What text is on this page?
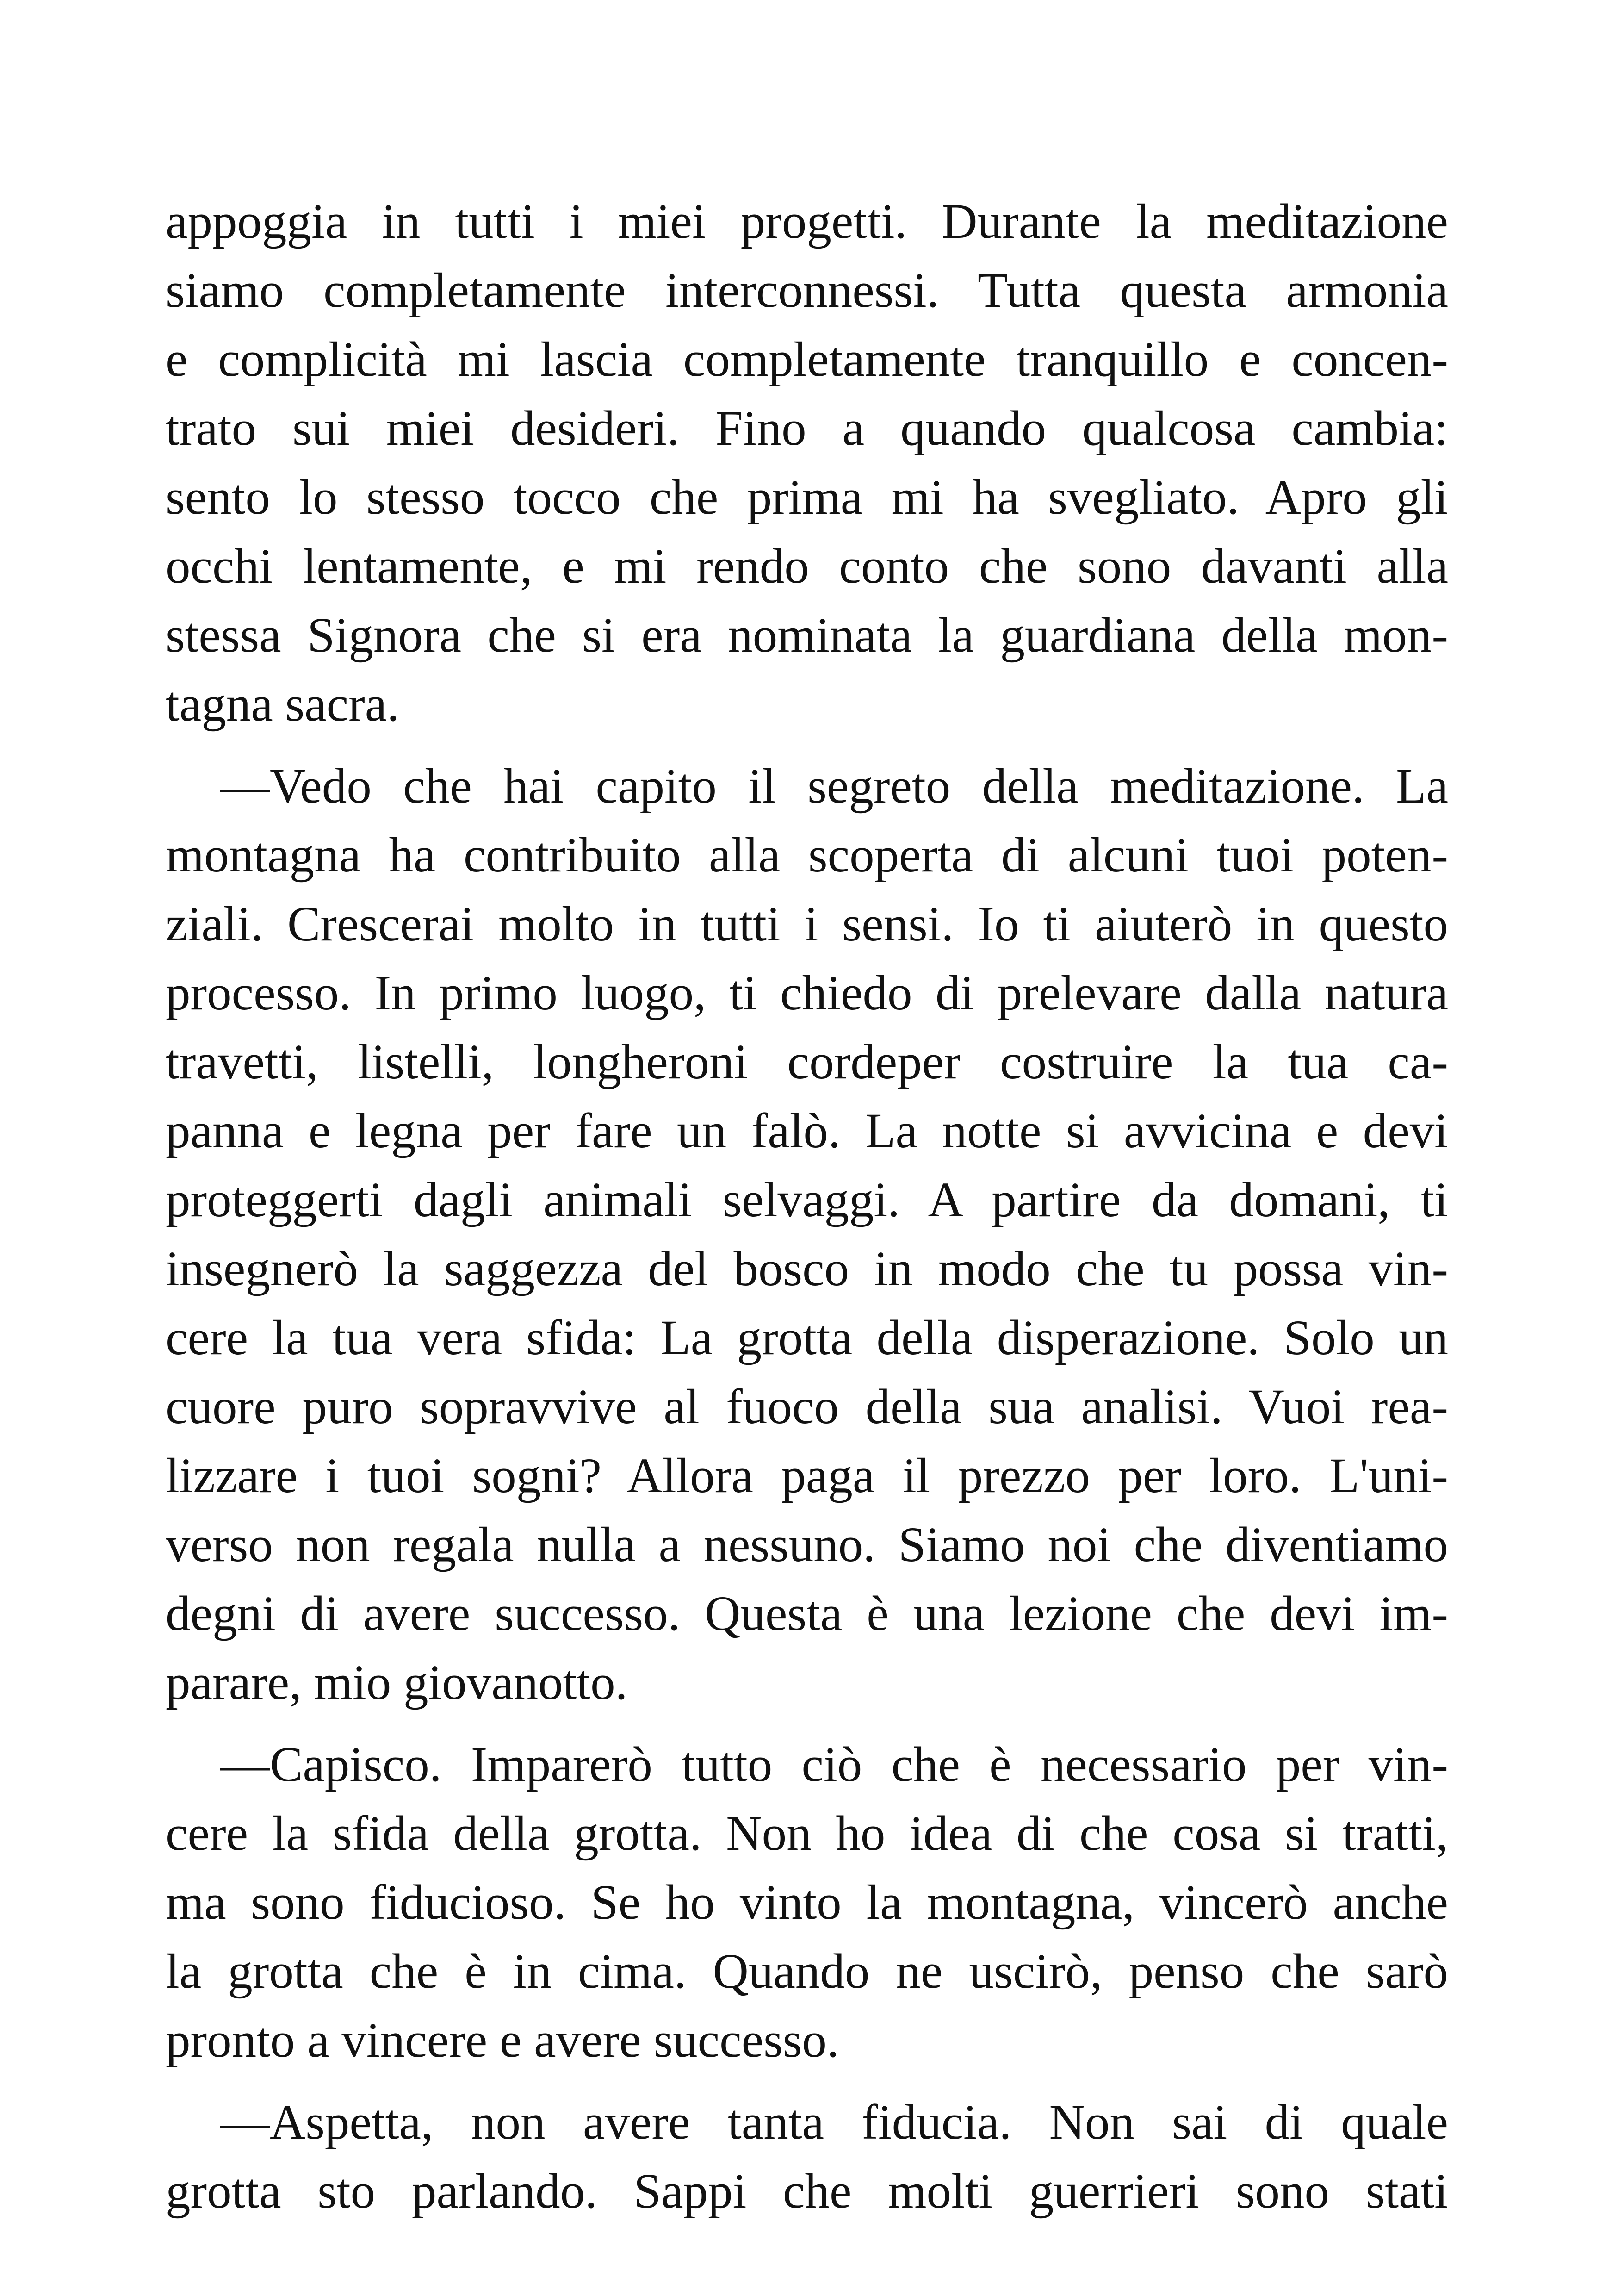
appoggia in tutti i miei progetti. Durante la meditazione
siamo completamente interconnessi. Tutta questa armonia
e complicità mi lascia completamente tranquillo e concen-
trato sui miei desideri. Fino a quando qualcosa cambia:
sento lo stesso tocco che prima mi ha svegliato. Apro gli
occhi lentamente, e mi rendo conto che sono davanti alla
stessa Signora che si era nominata la guardiana della mon-
tagna sacra.
—Vedo che hai capito il segreto della meditazione. La
montagna ha contribuito alla scoperta di alcuni tuoi poten-
ziali. Crescerai molto in tutti i sensi. Io ti aiuterò in questo
processo. In primo luogo, ti chiedo di prelevare dalla natura
travetti, listelli, longheroni cordeper costruire la tua ca-
panna e legna per fare un falò. La notte si avvicina e devi
proteggerti dagli animali selvaggi. A partire da domani, ti
insegnerò la saggezza del bosco in modo che tu possa vin-
cere la tua vera sfida: La grotta della disperazione. Solo un
cuore puro sopravvive al fuoco della sua analisi. Vuoi rea-
lizzare i tuoi sogni? Allora paga il prezzo per loro. L'uni-
verso non regala nulla a nessuno. Siamo noi che diventiamo
degni di avere successo. Questa è una lezione che devi im-
parare, mio giovanotto.
—Capisco. Imparerò tutto ciò che è necessario per vin-
cere la sfida della grotta. Non ho idea di che cosa si tratti,
ma sono fiducioso. Se ho vinto la montagna, vincerò anche
la grotta che è in cima. Quando ne uscirò, penso che sarò
pronto a vincere e avere successo.
—Aspetta, non avere tanta fiducia. Non sai di quale
grotta sto parlando. Sappi che molti guerrieri sono stati
